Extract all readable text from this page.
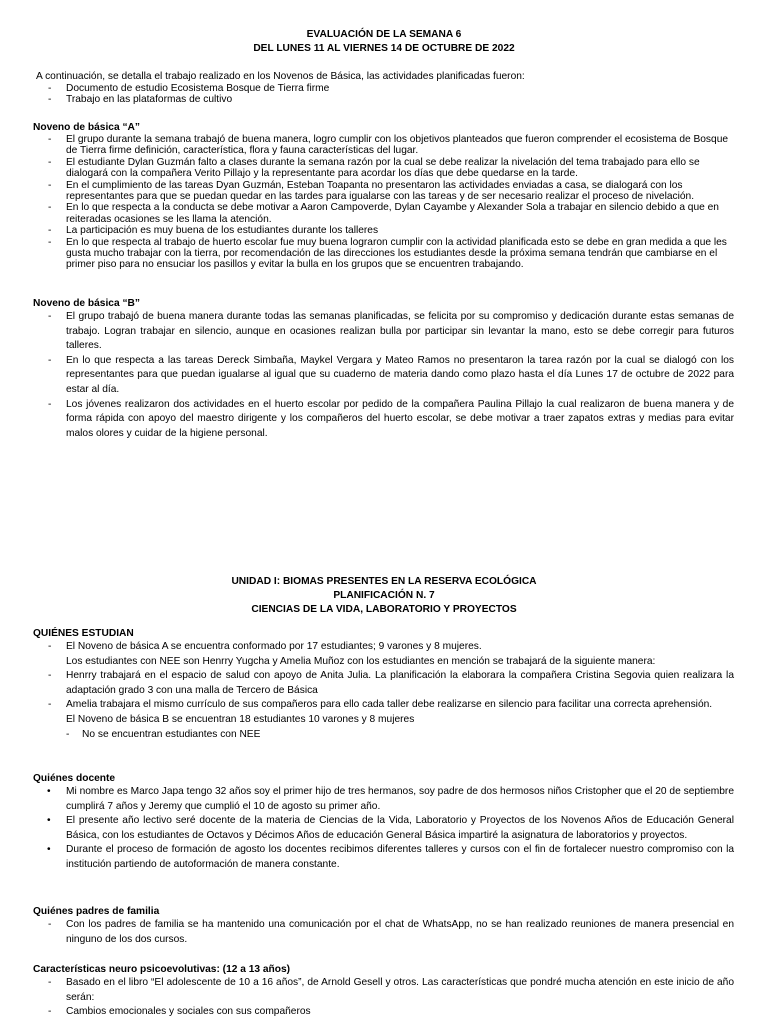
EVALUACIÓN DE LA SEMANA 6
DEL LUNES 11 AL VIERNES 14 DE OCTUBRE DE 2022
A continuación, se detalla el trabajo realizado en los Novenos de Básica, las actividades planificadas fueron:
- Documento de estudio Ecosistema Bosque de Tierra firme
- Trabajo en las plataformas de cultivo
Noveno de básica “A”
- El grupo durante la semana trabajó de buena manera, logro cumplir con los objetivos planteados que fueron comprender el ecosistema de Bosque de Tierra firme definición, característica, flora y fauna características del lugar.
- El estudiante Dylan Guzmán falto a clases durante la semana razón por la cual se debe realizar la nivelación del tema trabajado para ello se dialogará con la compañera Verito Pillajo y la representante para acordar los días que debe quedarse en la tarde.
- En el cumplimiento de las tareas Dyan Guzmán, Esteban Toapanta no presentaron las actividades enviadas a casa, se dialogará con los representantes para que se puedan quedar en las tardes para igualarse con las tareas y de ser necesario realizar el proceso de nivelación.
- En lo que respecta a la conducta se debe motivar a Aaron Campoverde, Dylan Cayambe y Alexander Sola a trabajar en silencio debido a que en reiteradas ocasiones se les llama la atención.
- La participación es muy buena de los estudiantes durante los talleres
- En lo que respecta al trabajo de huerto escolar fue muy buena lograron cumplir con la actividad planificada esto se debe en gran medida a que les gusta mucho trabajar con la tierra, por recomendación de las direcciones los estudiantes desde la próxima semana tendrán que cambiarse en el primer piso para no ensuciar los pasillos y evitar la bulla en los grupos que se encuentren trabajando.
Noveno de básica “B”
- El grupo trabajó de buena manera durante todas las semanas planificadas, se felicita por su compromiso y dedicación durante estas semanas de trabajo. Logran trabajar en silencio, aunque en ocasiones realizan bulla por participar sin levantar la mano, esto se debe corregir para futuros talleres.
- En lo que respecta a las tareas Dereck Simbaña, Maykel Vergara y Mateo Ramos no presentaron la tarea razón por la cual se dialogó con los representantes para que puedan igualarse al igual que su cuaderno de materia dando como plazo hasta el día Lunes 17 de octubre de 2022 para estar al día.
- Los jóvenes realizaron dos actividades en el huerto escolar por pedido de la compañera Paulina Pillajo la cual realizaron de buena manera y de forma rápida con apoyo del maestro dirigente y los compañeros del huerto escolar, se debe motivar a traer zapatos extras y medias para evitar malos olores y cuidar de la higiene personal.
UNIDAD I: BIOMAS PRESENTES EN LA RESERVA ECOLÓGICA
PLANIFICACIÓN N. 7
CIENCIAS DE LA VIDA, LABORATORIO Y PROYECTOS
QUIÉNES ESTUDIAN
- El Noveno de básica A se encuentra conformado por 17 estudiantes; 9 varones y 8 mujeres.
Los estudiantes con NEE son Henrry Yugcha y Amelia Muñoz con los estudiantes en mención se trabajará de la siguiente manera:
- Henrry trabajará en el espacio de salud con apoyo de Anita Julia. La planificación la elaborara la compañera Cristina Segovia quien realizara la adaptación grado 3 con una malla de Tercero de Básica
- Amelia trabajara el mismo currículo de sus compañeros para ello cada taller debe realizarse en silencio para facilitar una correcta aprehensión.
El Noveno de básica B se encuentran 18 estudiantes 10 varones y 8 mujeres
- No se encuentran estudiantes con NEE
Quiénes docente
• Mi nombre es Marco Japa tengo 32 años soy el primer hijo de tres hermanos, soy padre de dos hermosos niños Cristopher que el 20 de septiembre cumplirá 7 años y Jeremy que cumplió el 10 de agosto su primer año.
• El presente año lectivo seré docente de la materia de Ciencias de la Vida, Laboratorio y Proyectos de los Novenos Años de Educación General Básica, con los estudiantes de Octavos y Décimos Años de educación General Básica impartiré la asignatura de laboratorios y proyectos.
• Durante el proceso de formación de agosto los docentes recibimos diferentes talleres y cursos con el fin de fortalecer nuestro compromiso con la institución partiendo de autoformación de manera constante.
Quiénes padres de familia
- Con los padres de familia se ha mantenido una comunicación por el chat de WhatsApp, no se han realizado reuniones de manera presencial en ninguno de los dos cursos.
Características neuro psicoevolutivas: (12 a 13 años)
- Basado en el libro “El adolescente de 10 a 16 años”, de Arnold Gesell y otros. Las características que pondré mucha atención en este inicio de año serán:
- Cambios emocionales y sociales con sus compañeros
